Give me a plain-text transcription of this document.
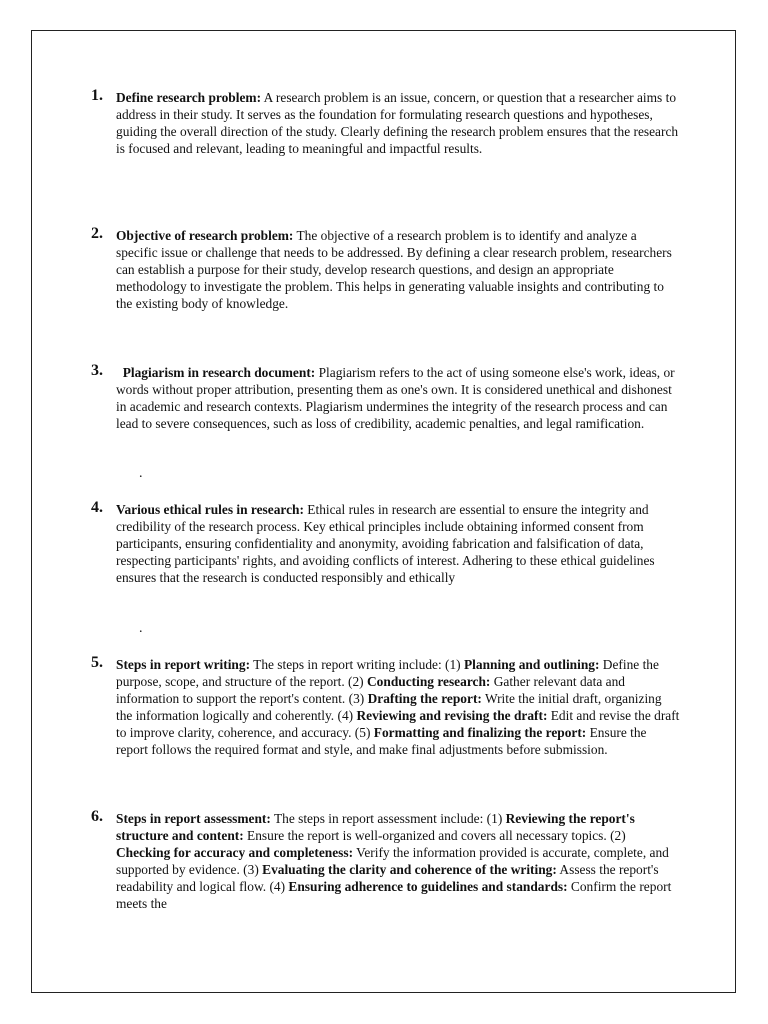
1. Define research problem: A research problem is an issue, concern, or question that a researcher aims to address in their study. It serves as the foundation for formulating research questions and hypotheses, guiding the overall direction of the study. Clearly defining the research problem ensures that the research is focused and relevant, leading to meaningful and impactful results.
2. Objective of research problem: The objective of a research problem is to identify and analyze a specific issue or challenge that needs to be addressed. By defining a clear research problem, researchers can establish a purpose for their study, develop research questions, and design an appropriate methodology to investigate the problem. This helps in generating valuable insights and contributing to the existing body of knowledge.
3. Plagiarism in research document: Plagiarism refers to the act of using someone else's work, ideas, or words without proper attribution, presenting them as one's own. It is considered unethical and dishonest in academic and research contexts. Plagiarism undermines the integrity of the research process and can lead to severe consequences, such as loss of credibility, academic penalties, and legal ramification.
.
4. Various ethical rules in research: Ethical rules in research are essential to ensure the integrity and credibility of the research process. Key ethical principles include obtaining informed consent from participants, ensuring confidentiality and anonymity, avoiding fabrication and falsification of data, respecting participants' rights, and avoiding conflicts of interest. Adhering to these ethical guidelines ensures that the research is conducted responsibly and ethically
.
5. Steps in report writing: The steps in report writing include: (1) Planning and outlining: Define the purpose, scope, and structure of the report. (2) Conducting research: Gather relevant data and information to support the report's content. (3) Drafting the report: Write the initial draft, organizing the information logically and coherently. (4) Reviewing and revising the draft: Edit and revise the draft to improve clarity, coherence, and accuracy. (5) Formatting and finalizing the report: Ensure the report follows the required format and style, and make final adjustments before submission.
6. Steps in report assessment: The steps in report assessment include: (1) Reviewing the report's structure and content: Ensure the report is well-organized and covers all necessary topics. (2) Checking for accuracy and completeness: Verify the information provided is accurate, complete, and supported by evidence. (3) Evaluating the clarity and coherence of the writing: Assess the report's readability and logical flow. (4) Ensuring adherence to guidelines and standards: Confirm the report meets the
